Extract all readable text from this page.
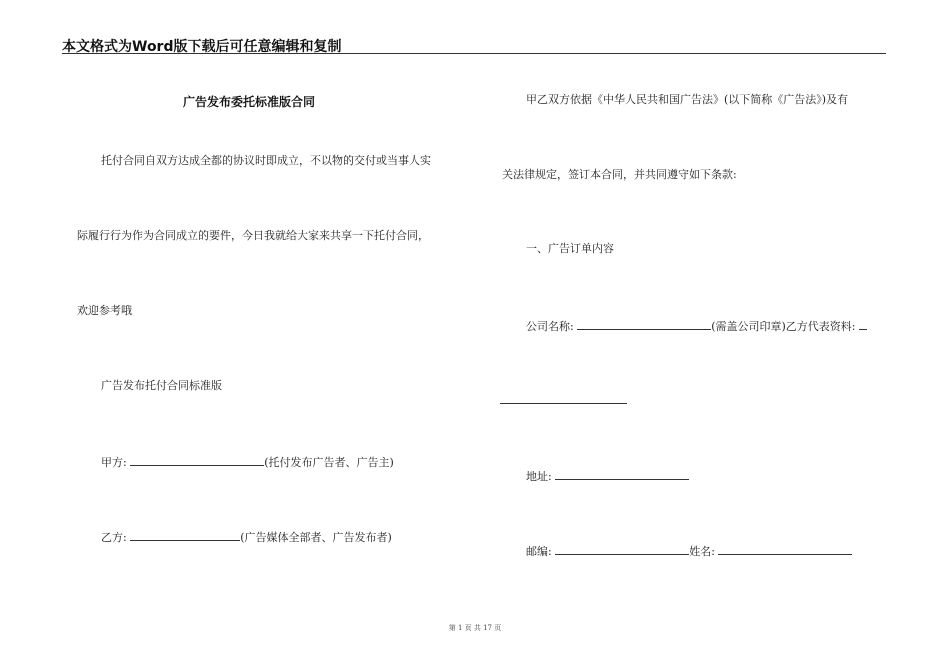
本文格式为Word版下载后可任意编辑和复制
广告发布委托标准版合同
托付合同自双方达成全都的协议时即成立，不以物的交付或当事人实
际履行行为作为合同成立的要件，今日我就给大家来共享一下托付合同，
欢迎参考哦
广告发布托付合同标准版
甲方:	(托付发布广告者、广告主)
乙方:	(广告媒体全部者、广告发布者)
甲乙双方依据《中华人民共和国广告法》(以下简称《广告法》)及有
关法律规定，签订本合同，并共同遵守如下条款:
一、广告订单内容
公司名称:	(需盖公司印章)乙方代表资料:
地址:
邮编:	姓名:
第 1 页 共 17 页
